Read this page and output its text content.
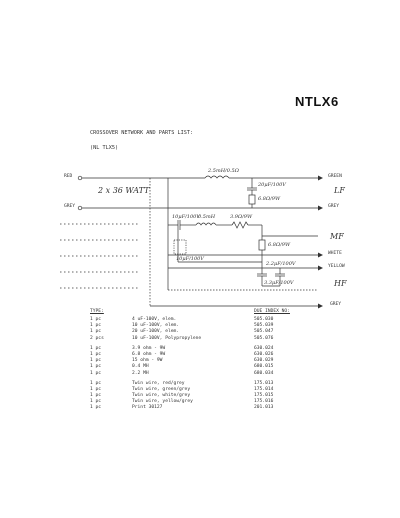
NTLX6
CROSSOVER NETWORK AND PARTS LIST:
(NL TLX5)
RED
GREY
2 x 36 WATT
GREEN
LF
GREY
MF
WHITE
YELLOW
HF
GREY
2.5mH/0.5Ω
20μF/100V
6.8Ω/9W
10μF/100V
0.5mH	3.9Ω/9W
10μF/100V
6.8Ω/9W
2.2μF/100V
3.3μF/100V
TYPE:	DUE INDEX NO:
1 pc	4 uF-100V, elem.	505.030
1 pc	10 uF-100V, elem.	505.039
1 pc	20 uF-100V, elem.	505.047
2 pcs	10 uF-100V, Polypropylene	505.076
1 pc	3.9 ohm - 9W	630.024
1 pc	6.8 ohm - 9W	630.026
1 pc	15 ohm - 9W	630.029
1 pc	0.4 MH	680.015
1 pc	2.2 MH	680.034
1 pc	Twin wire, red/grey	175.013
1 pc	Twin wire, green/grey	175.014
1 pc	Twin wire, white/grey	175.015
1 pc	Twin wire, yellow/grey	175.016
1 pc	Print 30127	201.013
